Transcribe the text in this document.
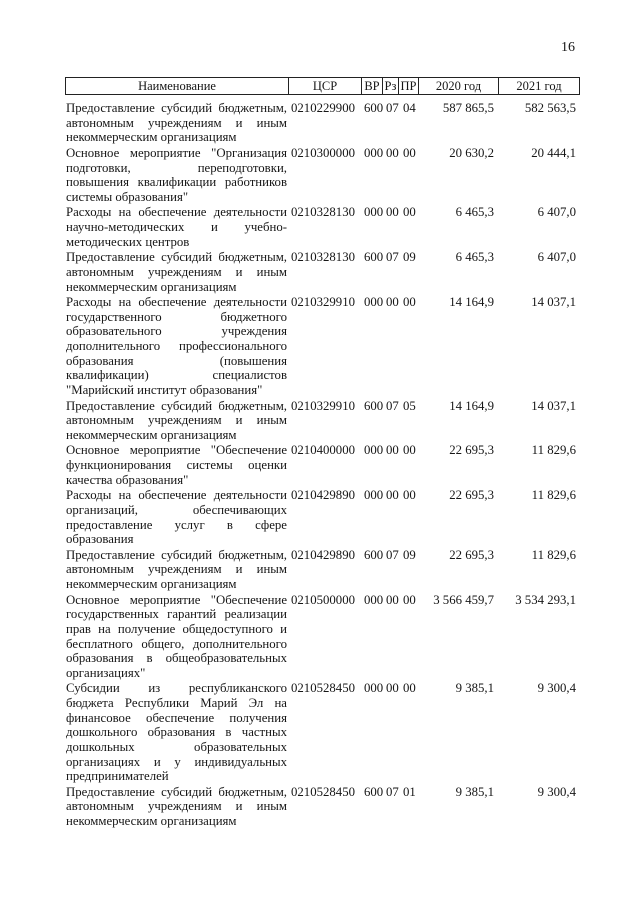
16
Наименование	ЦСР	ВР Рз ПР	2020 год	2021 год
Предоставление субсидий бюджетным,
автономным учреждениям и иным
некоммерческим организациям
0210229900 600 07 04	587 865,5	582 563,5
Основное мероприятие "Организация
подготовки, переподготовки,
повышения квалификации работников
системы образования"
0210300000 000 00 00	20 630,2	20 444,1
Расходы на обеспечение деятельности
научно-методических и учебно-
методических центров
0210328130 000 00 00	6 465,3	6 407,0
Предоставление субсидий бюджетным,
автономным учреждениям и иным
некоммерческим организациям
0210328130 600 07 09	6 465,3	6 407,0
Расходы на обеспечение деятельности
государственного бюджетного
образовательного учреждения
дополнительного профессионального
образования (повышения
квалификации) специалистов
"Марийский институт образования"
0210329910 000 00 00	14 164,9	14 037,1
Предоставление субсидий бюджетным,
автономным учреждениям и иным
некоммерческим организациям
0210329910 600 07 05	14 164,9	14 037,1
Основное мероприятие "Обеспечение
функционирования системы оценки
качества образования"
0210400000 000 00 00	22 695,3	11 829,6
Расходы на обеспечение деятельности
организаций, обеспечивающих
предоставление услуг в сфере
образования
0210429890 000 00 00	22 695,3	11 829,6
Предоставление субсидий бюджетным,
автономным учреждениям и иным
некоммерческим организациям
0210429890 600 07 09	22 695,3	11 829,6
Основное мероприятие "Обеспечение
государственных гарантий реализации
прав на получение общедоступного и
бесплатного общего, дополнительного
образования в общеобразовательных
организациях"
0210500000 000 00 00	3 566 459,7	3 534 293,1
Субсидии из республиканского
бюджета Республики Марий Эл на
финансовое обеспечение получения
дошкольного образования в частных
дошкольных образовательных
организациях и у индивидуальных
предпринимателей
0210528450 000 00 00	9 385,1	9 300,4
Предоставление субсидий бюджетным,
автономным учреждениям и иным
некоммерческим организациям
0210528450 600 07 01	9 385,1	9 300,4
